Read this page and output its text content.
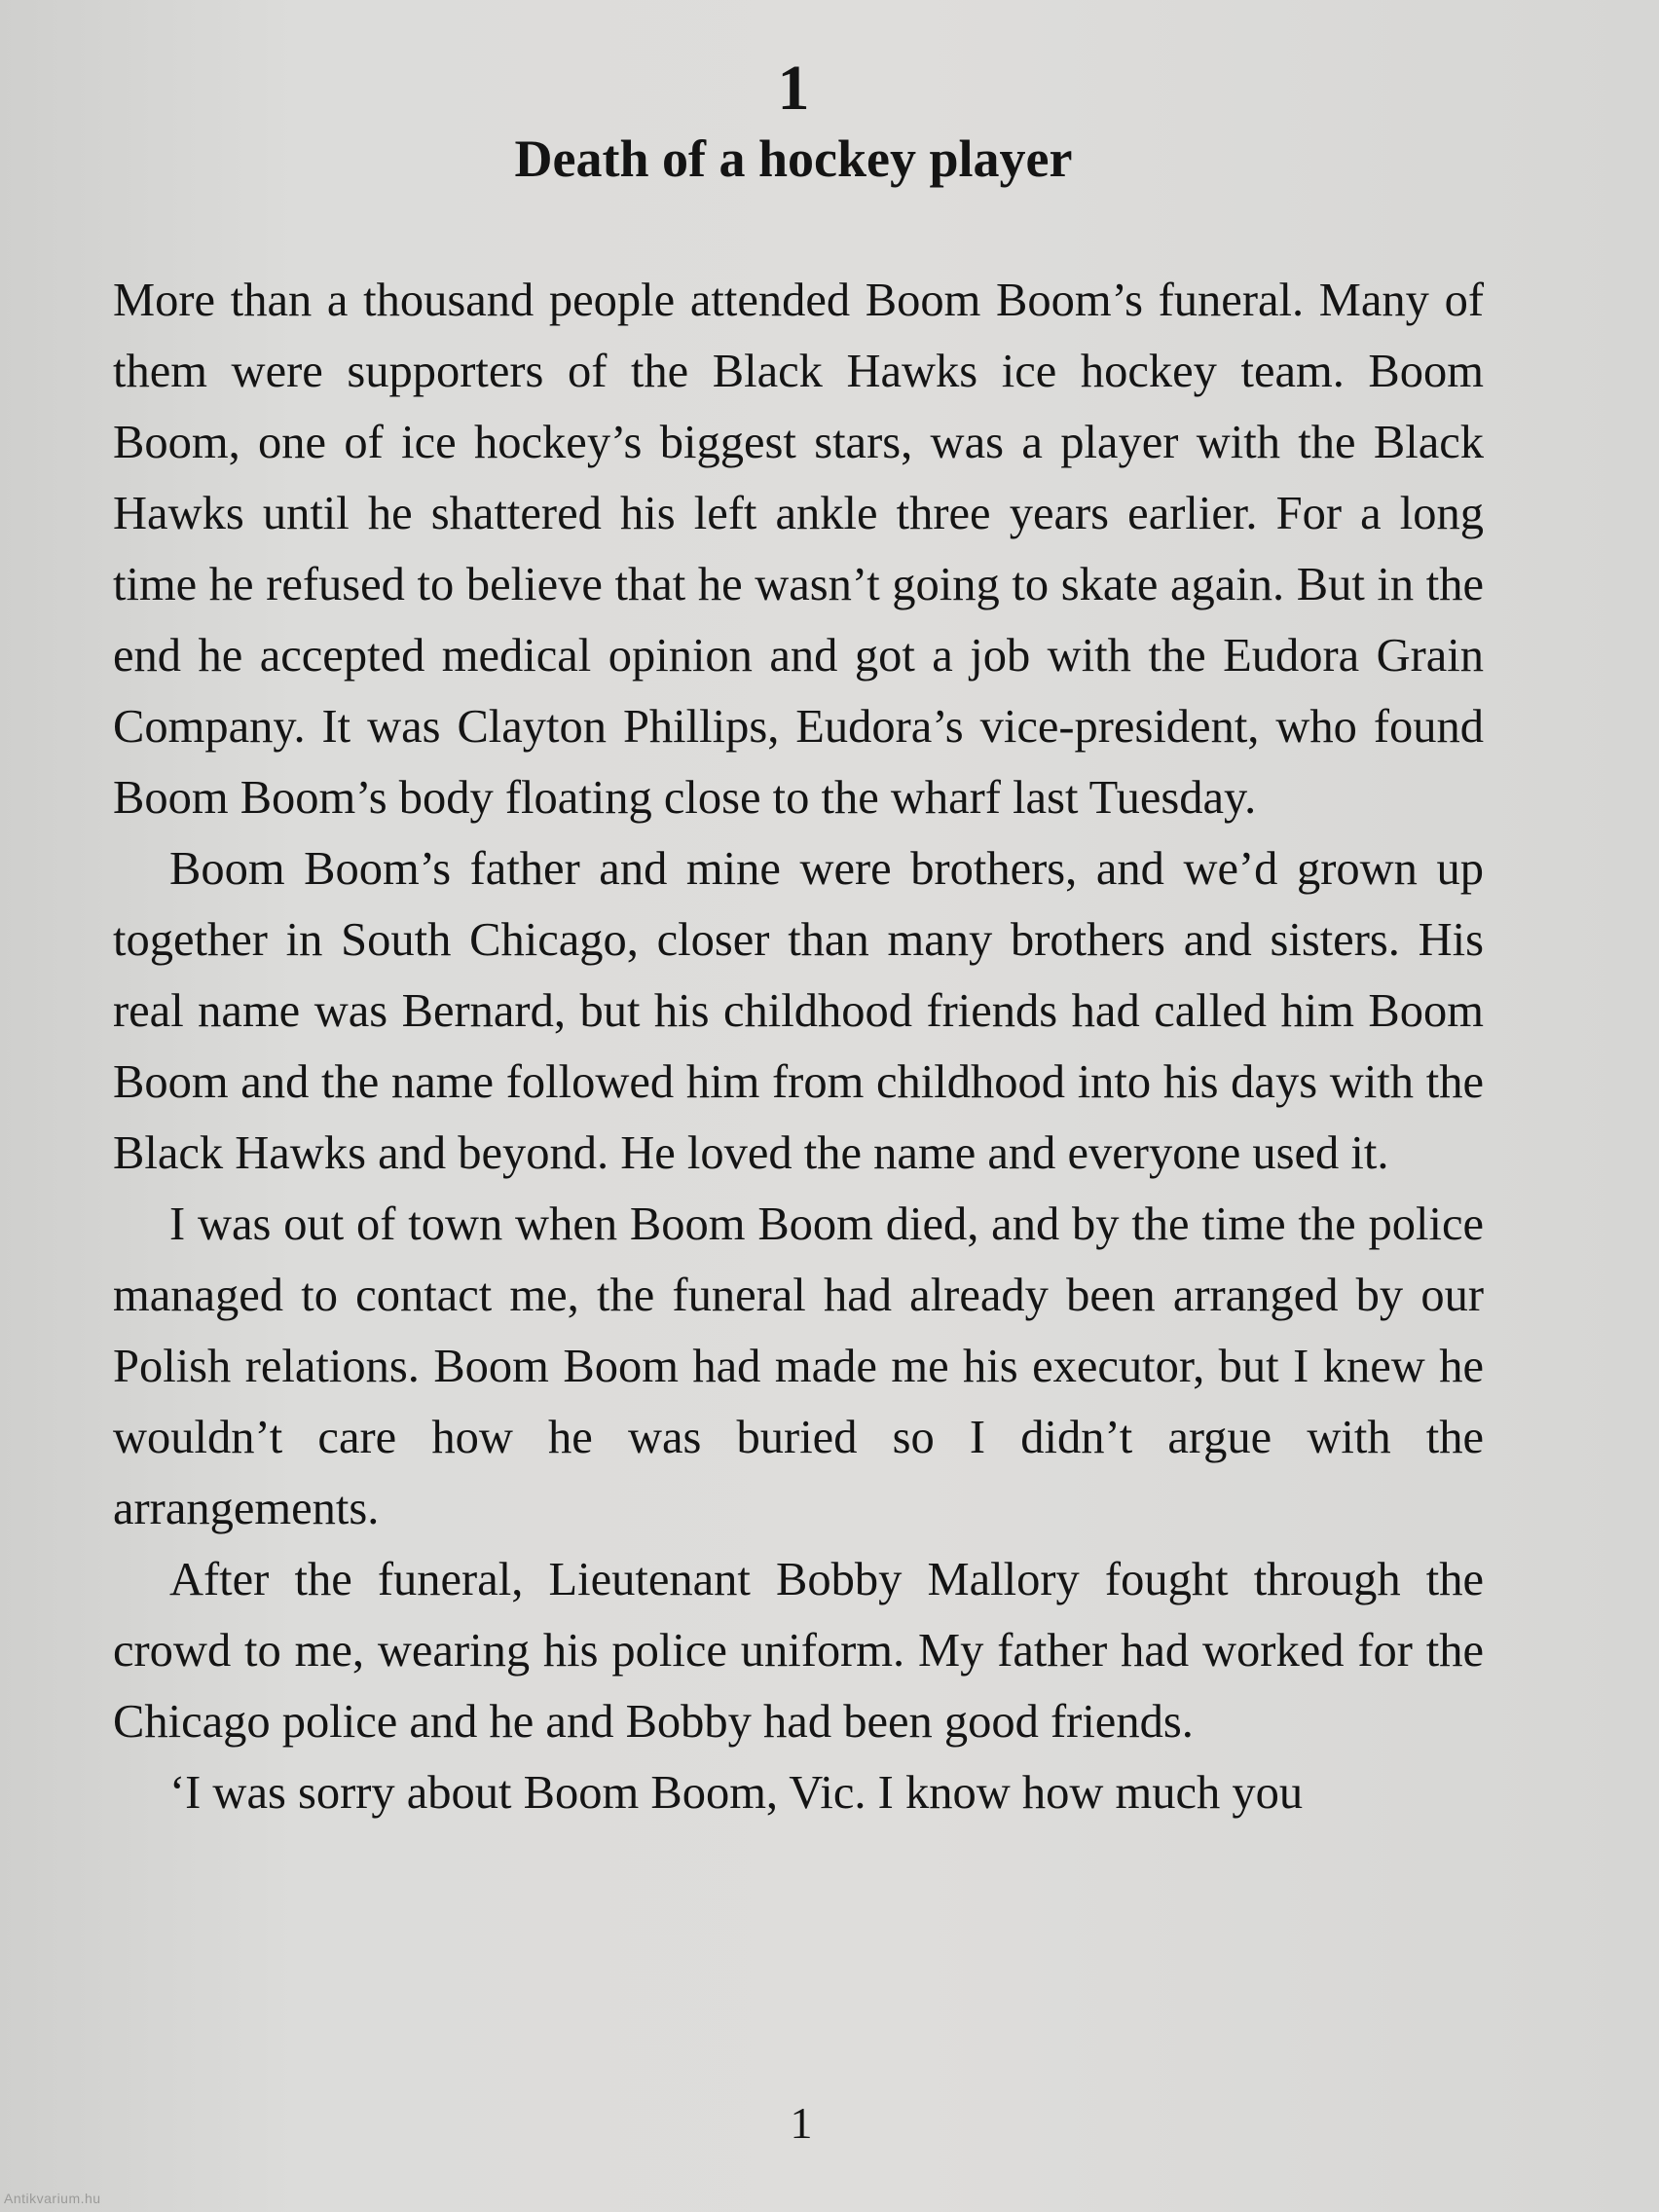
1
Death of a hockey player

More than a thousand people attended Boom Boom’s funeral. Many of them were supporters of the Black Hawks ice hockey team. Boom Boom, one of ice hockey’s biggest stars, was a player with the Black Hawks until he shattered his left ankle three years earlier. For a long time he refused to believe that he wasn’t going to skate again. But in the end he accepted medical opinion and got a job with the Eudora Grain Company. It was Clayton Phillips, Eudora’s vice-president, who found Boom Boom’s body floating close to the wharf last Tuesday.

Boom Boom’s father and mine were brothers, and we’d grown up together in South Chicago, closer than many brothers and sisters. His real name was Bernard, but his childhood friends had called him Boom Boom and the name followed him from childhood into his days with the Black Hawks and beyond. He loved the name and everyone used it.

I was out of town when Boom Boom died, and by the time the police managed to contact me, the funeral had already been arranged by our Polish relations. Boom Boom had made me his executor, but I knew he wouldn’t care how he was buried so I didn’t argue with the arrangements.

After the funeral, Lieutenant Bobby Mallory fought through the crowd to me, wearing his police uniform. My father had worked for the Chicago police and he and Bobby had been good friends.

‘I was sorry about Boom Boom, Vic. I know how much you

1
Antikvarium.hu
